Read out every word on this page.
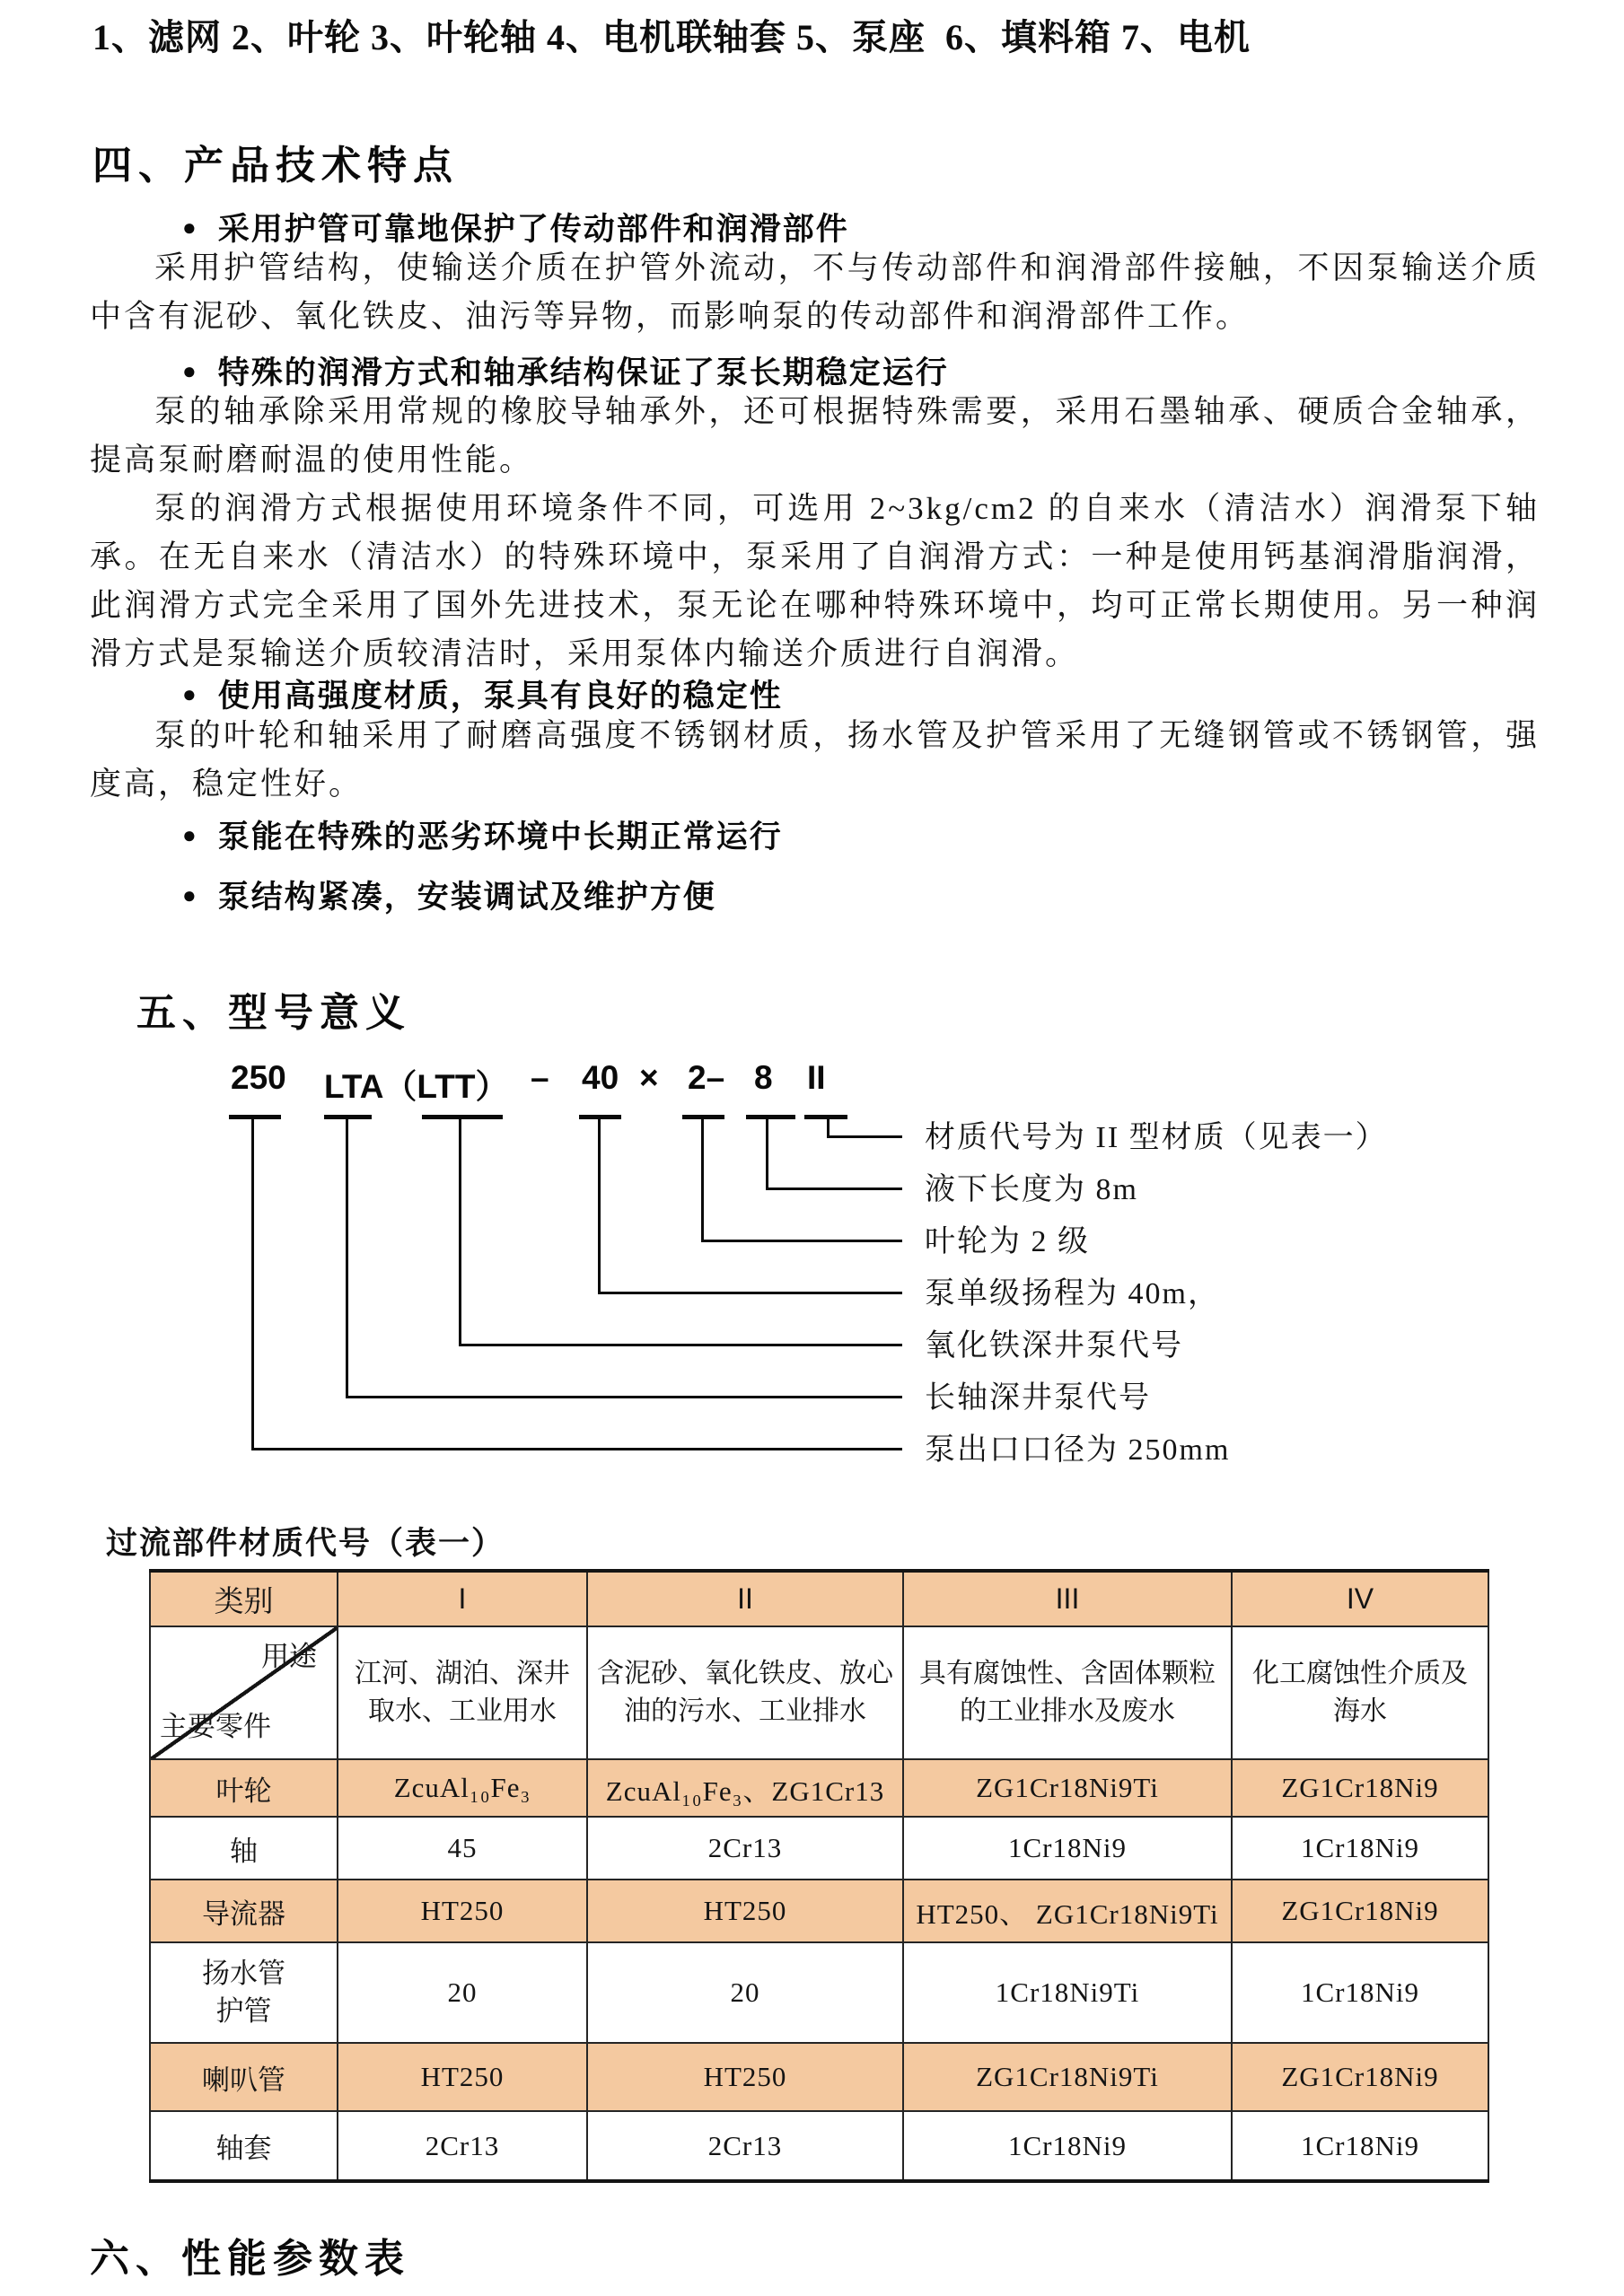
1、滤网 2、叶轮 3、叶轮轴 4、电机联轴套 5、泵座  6、填料箱 7、电机
四、产品技术特点
● 采用护管可靠地保护了传动部件和润滑部件
采用护管结构，使输送介质在护管外流动，不与传动部件和润滑部件接触，不因泵输送介质中含有泥砂、氧化铁皮、油污等异物，而影响泵的传动部件和润滑部件工作。
● 特殊的润滑方式和轴承结构保证了泵长期稳定运行
泵的轴承除采用常规的橡胶导轴承外，还可根据特殊需要，采用石墨轴承、硬质合金轴承，提高泵耐磨耐温的使用性能。
泵的润滑方式根据使用环境条件不同，可选用 2~3kg/cm2 的自来水（清洁水）润滑泵下轴承。在无自来水（清洁水）的特殊环境中，泵采用了自润滑方式：一种是使用钙基润滑脂润滑，此润滑方式完全采用了国外先进技术，泵无论在哪种特殊环境中，均可正常长期使用。另一种润滑方式是泵输送介质较清洁时，采用泵体内输送介质进行自润滑。
● 使用高强度材质，泵具有良好的稳定性
泵的叶轮和轴采用了耐磨高强度不锈钢材质，扬水管及护管采用了无缝钢管或不锈钢管，强度高，稳定性好。
● 泵能在特殊的恶劣环境中长期正常运行
● 泵结构紧凑，安装调试及维护方便
五、型号意义
250 LTA（LTT） – 40 × 2– 8 II
材质代号为 II 型材质（见表一）
液下长度为 8m
叶轮为 2 级
泵单级扬程为 40m，
氧化铁深井泵代号
长轴深井泵代号
泵出口口径为 250mm
过流部件材质代号（表一）
类别	I	II	III	IV

用途
主要零件	江河、湖泊、深井取水、工业用水	含泥砂、氧化铁皮、放心油的污水、工业排水	具有腐蚀性、含固体颗粒的工业排水及废水	化工腐蚀性介质及海水
叶轮	ZcuAl₁₀Fe₃	ZcuAl₁₀Fe₃、ZG1Cr13	ZG1Cr18Ni9Ti	ZG1Cr18Ni9
轴	45	2Cr13	1Cr18Ni9	1Cr18Ni9
导流器	HT250	HT250	HT250、 ZG1Cr18Ni9Ti	ZG1Cr18Ni9

扬水管
护管	20	20	1Cr18Ni9Ti	1Cr18Ni9
喇叭管	HT250	HT250	ZG1Cr18Ni9Ti	ZG1Cr18Ni9
轴套	2Cr13	2Cr13	1Cr18Ni9	1Cr18Ni9
六、性能参数表
